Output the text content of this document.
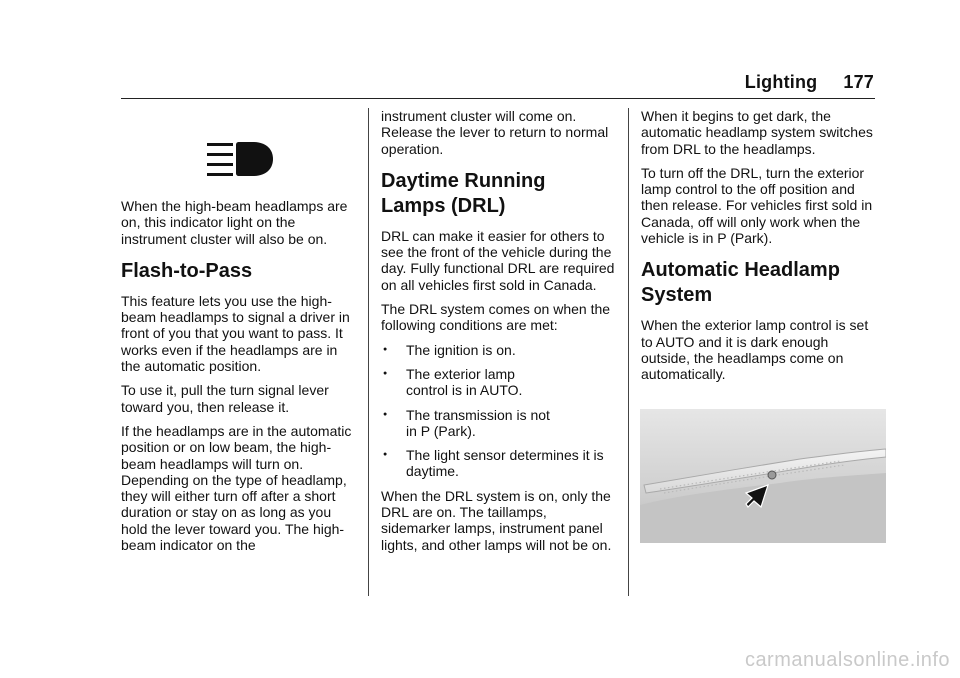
Lighting 177

When the high-beam headlamps are on, this indicator light on the instrument cluster will also be on.

Flash-to-Pass

This feature lets you use the high-beam headlamps to signal a driver in front of you that you want to pass. It works even if the headlamps are in the automatic position.

To use it, pull the turn signal lever toward you, then release it.

If the headlamps are in the automatic position or on low beam, the high-beam headlamps will turn on. Depending on the type of headlamp, they will either turn off after a short duration or stay on as long as you hold the lever toward you. The high-beam indicator on the

instrument cluster will come on. Release the lever to return to normal operation.

Daytime Running Lamps (DRL)

DRL can make it easier for others to see the front of the vehicle during the day. Fully functional DRL are required on all vehicles first sold in Canada.

The DRL system comes on when the following conditions are met:

●	The ignition is on.
●	The exterior lamp control is in AUTO.
●	The transmission is not in P (Park).
●	The light sensor determines it is daytime.

When the DRL system is on, only the DRL are on. The taillamps, sidemarker lamps, instrument panel lights, and other lamps will not be on.

When it begins to get dark, the automatic headlamp system switches from DRL to the headlamps.

To turn off the DRL, turn the exterior lamp control to the off position and then release. For vehicles first sold in Canada, off will only work when the vehicle is in P (Park).

Automatic Headlamp System

When the exterior lamp control is set to AUTO and it is dark enough outside, the headlamps come on automatically.

carmanualsonline.info
